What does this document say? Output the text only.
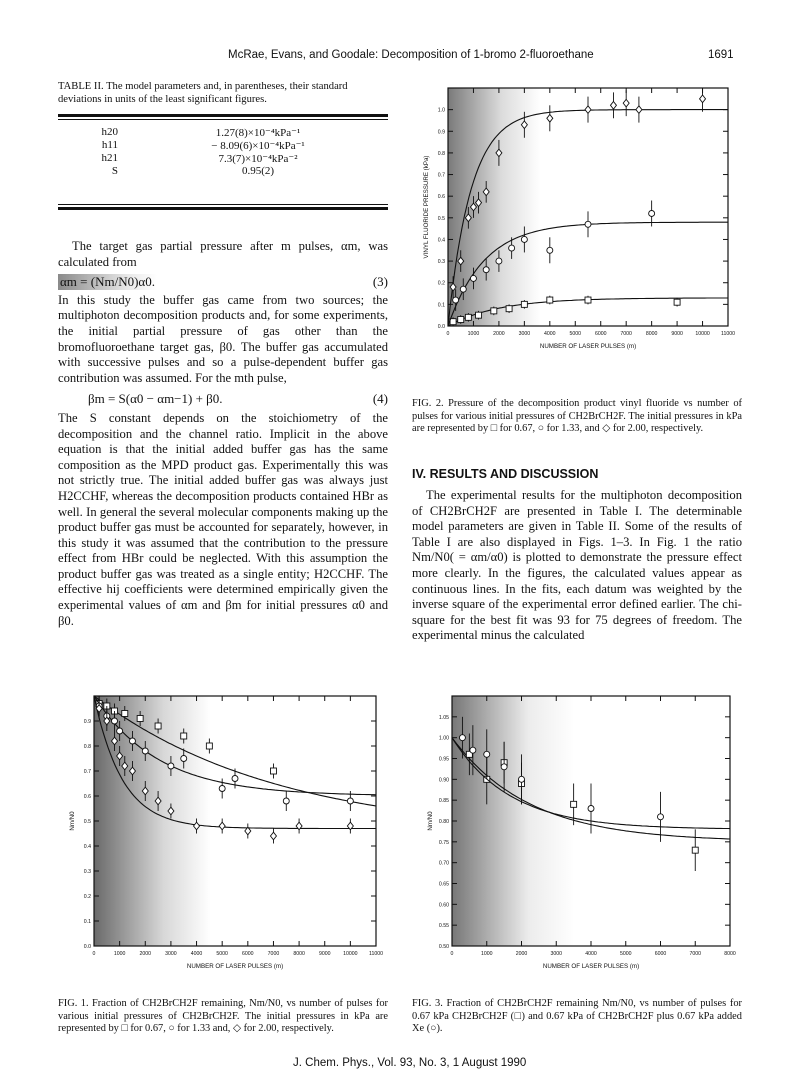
McRae, Evans, and Goodale: Decomposition of 1-bromo 2-fluoroethane	1691
TABLE II. The model parameters and, in parentheses, their standard deviations in units of the least significant figures.
h20	1.27(8)×10⁻⁴kPa⁻¹
h11	− 8.09(6)×10⁻⁴kPa⁻¹
h21	7.3(7)×10⁻⁴kPa⁻²
S	0.95(2)

The target gas partial pressure after m pulses, αm, was calculated from

αm = (Nm/N0)α0.	(3)

In this study the buffer gas came from two sources; the multiphoton decomposition products and, for some experiments, the initial partial pressure of gas other than the bromofluoroethane target gas, β0. The buffer gas accumulated with successive pulses and so a pulse-dependent buffer gas contribution was assumed. For the mth pulse,

βm = S(α0 − αm−1) + β0.	(4)

The S constant depends on the stoichiometry of the decomposition and the channel ratio. Implicit in the above equation is that the initial added buffer gas has the same composition as the MPD product gas. Experimentally this was not strictly true. The initial added buffer gas was always just H2CCHF, whereas the decomposition products contained HBr as well. In general the several molecular components making up the product buffer gas must be accounted for separately, however, in this study it was assumed that the contribution to the pressure effect from HBr could be neglected. With this assumption the product buffer gas was treated as a single entity; H2CCHF. The effective hij coefficients were determined empirically given the experimental values of αm and βm for initial pressures α0 and β0.

0	1000	2000	3000	4000	5000	6000	7000	8000	9000 10000 11000
0.0
0.1
0.2
0.3
0.4
0.5
0.6
0.7
0.8
0.9
1.0
NUMBER OF LASER PULSES (m)
VINYL FLUORIDE PRESSURE (kPa)
FIG. 2. Pressure of the decomposition product vinyl fluoride vs number of pulses for various initial pressures of CH2BrCH2F. The initial pressures in kPa are represented by □ for 0.67, ○ for 1.33, and ◇ for 2.00, respectively.
IV. RESULTS AND DISCUSSION

The experimental results for the multiphoton decomposition of CH2BrCH2F are presented in Table I. The determinable model parameters are given in Table II. Some of the results of Table I are also displayed in Figs. 1–3. In Fig. 1 the ratio Nm/N0( = αm/α0) is plotted to demonstrate the pressure effect more clearly. In the figures, the calculated values appear as continuous lines. In the fits, each datum was weighted by the inverse square of the experimental error defined earlier. The chi-square for the best fit was 93 for 75 degrees of freedom. The experimental minus the calculated

0	1000	2000	3000	4000	5000	6000	7000	8000	9000 10000 11000
0.0
0.1
0.2
0.3
0.4
0.5
0.6
0.7
0.8
0.9
NUMBER OF LASER PULSES (m)
Nm/N0
FIG. 1. Fraction of CH2BrCH2F remaining, Nm/N0, vs number of pulses for various initial pressures of CH2BrCH2F. The initial pressures in kPa are represented by □ for 0.67, ○ for 1.33 and, ◇ for 2.00, respectively.
0	1000	2000	3000	4000	5000	6000	7000	8000
0.50
0.55
0.60
0.65
0.70
0.75
0.80
0.85
0.90
0.95
1.00
1.05
NUMBER OF LASER PULSES (m)
Nm/N0
FIG. 3. Fraction of CH2BrCH2F remaining Nm/N0, vs number of pulses for 0.67 kPa CH2BrCH2F (□) and 0.67 kPa of CH2BrCH2F plus 0.67 kPa added Xe (○).
J. Chem. Phys., Vol. 93, No. 3, 1 August 1990
